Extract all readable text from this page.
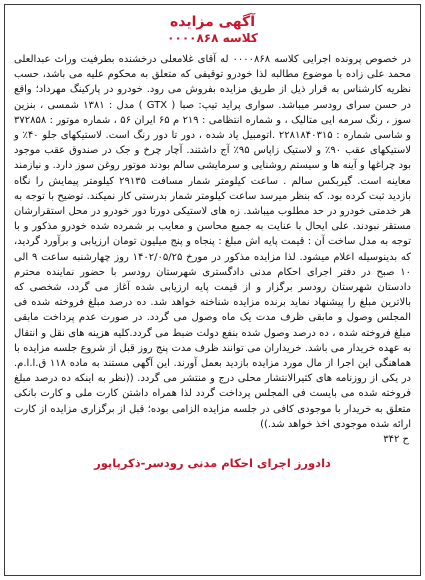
آگهی مزایده
کلاسه ۰۰۰۰۸۶۸
در خصوص پرونده اجرایی کلاسه ۰۰۰۰۸۶۸ له آقای غلامعلی درخشنده بطرفیت وراث عبدالعلی محمد علی زاده با موضوع مطالبه لذا خودرو توقیفی که متعلق به محکوم علیه می باشد، حسب نظریه کارشناس به قرار ذیل از طریق مزایده بفروش می رود. خودرو در پارکینگ مهرداد؛ واقع در حسن سرای رودسر میباشد. سواری پراید تیپ: صبا ( GTX ) مدل : ۱۳۸۱ شمسی ، بنزین سوز ، رنگ سرمه ایی متالیک ، و شماره انتظامی : ۲۱۹ م ۶۵ ایران ۵۶ ، شماره موتور : ۳۷۲۸۵۸ و شاسی شماره : ۲۲۸۱۸۴۰۳۱۵ .اتومبیل یاد شده ، دور تا دور رنگ است. لاستیکهای جلو ۴۰٪ و لاستیکهای عقب ۹۰٪ و لاستیک زاپاس ۹۵٪ آج داشتند. آچار چرخ و جک در صندوق عقب موجود بود چراغها و آینه ها و سیستم روشنایی و سرمایشی سالم بودند موتور روغن سوز دارد. و نیازمند معاینه است. گیربکس سالم . ساعت کیلومتر شمار مسافت ۲۹۱۳۵ کیلومتر پیمایش را نگاه بازدید ثبت کرده بود. که بنظر میرسد ساعت کیلومتر شمار بدرستی کار نمیکند. توضیح با توجه به هر خدمتی خودرو در حد مطلوب میباشد. زه های لاستیکی دورتا دور خودرو در محل استقرارشان مستقر نبودند. علی ایحال با عنایت به جمیع محاسن و معایب بر شمرده شده خودرو مذکور و با توجه به مدل ساخت آن : قیمت پایه اش مبلغ : پنجاه و پنج میلیون تومان ارزیابی و برآورد گردید، که بدینوسیله اعلام میشود. لذا مزایده مذکور در مورخ ۱۴۰۲/۰۵/۲۵ روز چهارشنبه ساعت ۹ الی ۱۰ صبح در دفتر اجرای احکام مدنی دادگستری شهرستان رودسر با حضور نماینده محترم دادستان شهرستان رودسر برگزار و از قیمت پایه ارزیابی شده آغاز می گردد، شخصی که بالاترین مبلغ را پیشنهاد نماید برنده مزایده شناخته خواهد شد. ده درصد مبلغ فروخته شده فی المجلس وصول و مابقی ظرف مدت یک ماه وصول می گردد. در صورت عدم پرداخت مابقی مبلغ فروخته شده ، ده درصد وصول شده بنفع دولت ضبط می گردد.کلیه هزینه های نقل و انتقال به عهده خریدار می باشد. خریداران می توانند ظرف مدت پنج روز قبل از شروع جلسه مزایده با هماهنگی این اجرا از مال مورد مزایده بازدید بعمل آورند. این آگهی مستند به ماده ۱۱۸ ق.ا.ا.م. در یکی از روزنامه های کثیرالانتشار محلی درج و منتشر می گردد. ((نظر به اینکه ده درصد مبلغ فروخته شده می بایست فی المجلس پرداخت گردد لذا همراه داشتن کارت ملی و کارت بانکی متعلق به خریدار با موجودی کافی در جلسه مزایده الزامی بوده؛ قبل از برگزاری مزایده از کارت ارائه شده موجودی اخذ خواهد شد.))
ح ۳۴۲
دادورز اجرای احکام مدنی رودسر-ذکرپاپور
